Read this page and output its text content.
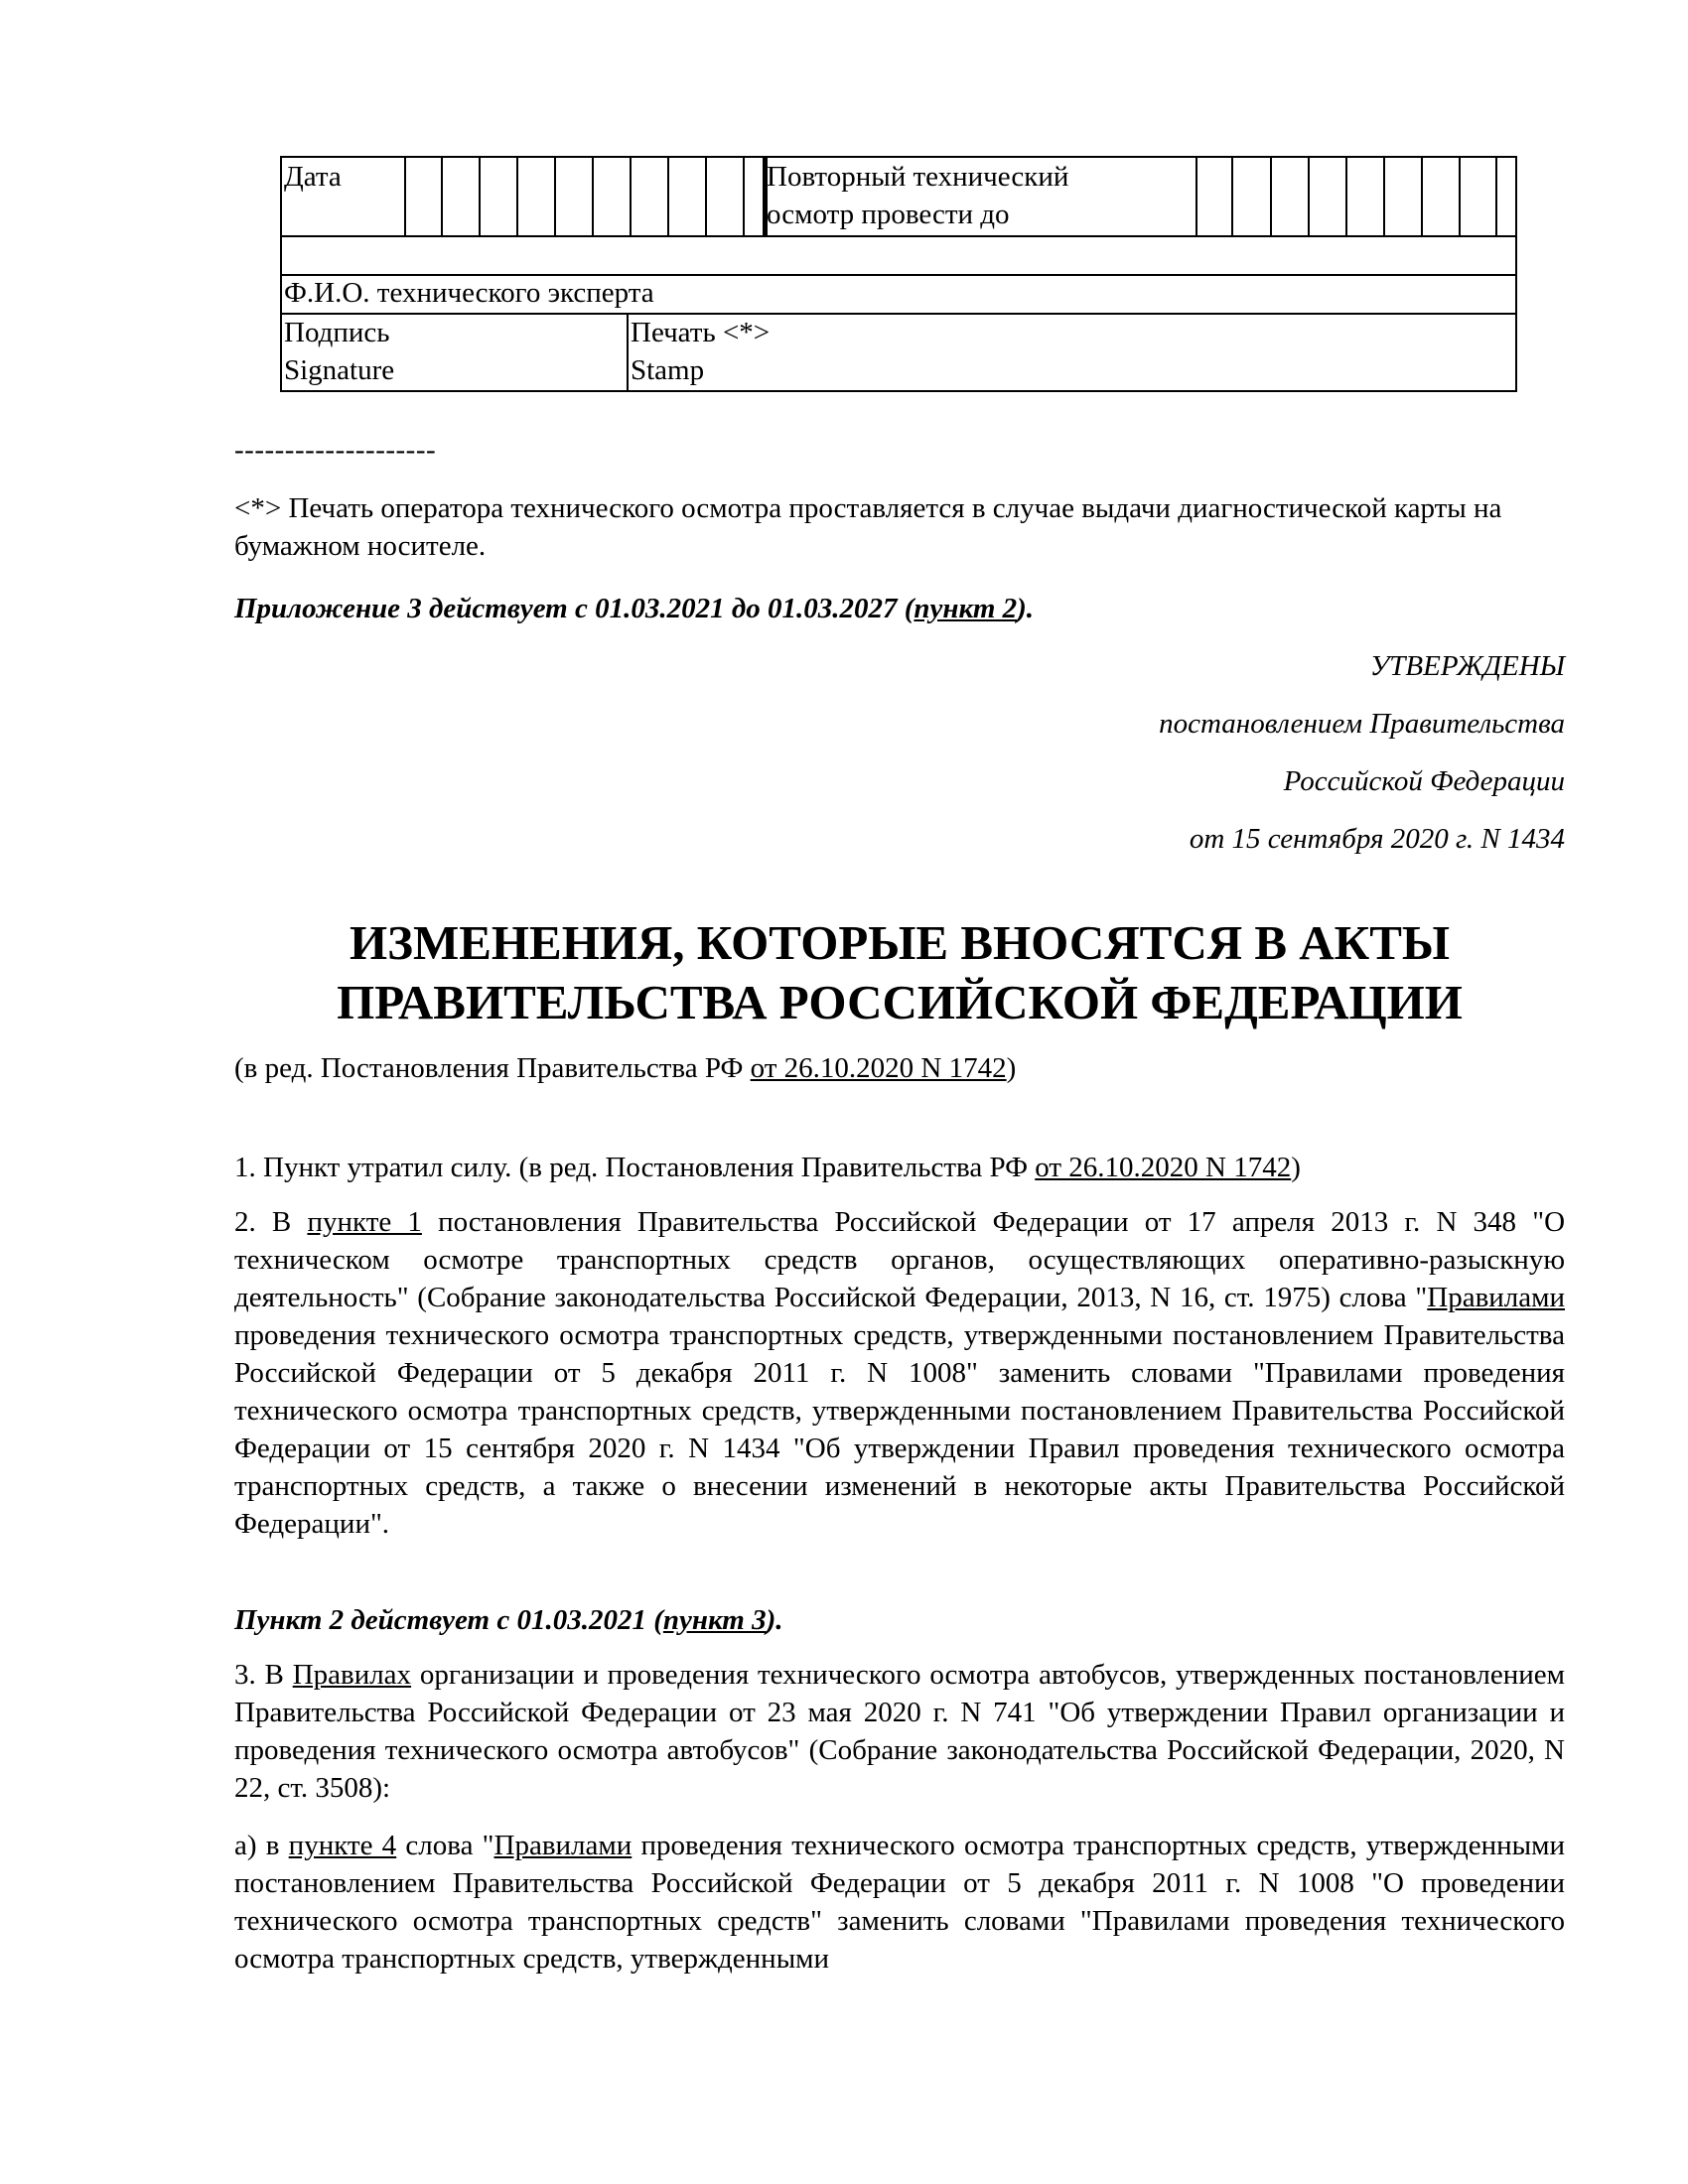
Дата	Повторный технический
осмотр провести до
Ф.И.О. технического эксперта
Подпись
Signature
Печать <*>
Stamp
--------------------

<*> Печать оператора технического осмотра проставляется в случае выдачи диагностической карты на бумажном носителе.

Приложение 3 действует с 01.03.2021 до 01.03.2027 (пункт 2).

УТВЕРЖДЕНЫ

постановлением Правительства

Российской Федерации

от 15 сентября 2020 г. N 1434

ИЗМЕНЕНИЯ, КОТОРЫЕ ВНОСЯТСЯ В АКТЫ
ПРАВИТЕЛЬСТВА РОССИЙСКОЙ ФЕДЕРАЦИИ

(в ред. Постановления Правительства РФ от 26.10.2020 N 1742)

1. Пункт утратил силу. (в ред. Постановления Правительства РФ от 26.10.2020 N 1742)

2. В пункте 1 постановления Правительства Российской Федерации от 17 апреля 2013 г. N 348 "О техническом осмотре транспортных средств органов, осуществляющих оперативно-разыскную деятельность" (Собрание законодательства Российской Федерации, 2013, N 16, ст. 1975) слова "Правилами проведения технического осмотра транспортных средств, утвержденными постановлением Правительства Российской Федерации от 5 декабря 2011 г. N 1008" заменить словами "Правилами проведения технического осмотра транспортных средств, утвержденными постановлением Правительства Российской Федерации от 15 сентября 2020 г. N 1434 "Об утверждении Правил проведения технического осмотра транспортных средств, а также о внесении изменений в некоторые акты Правительства Российской Федерации".

Пункт 2 действует с 01.03.2021 (пункт 3).

3. В Правилах организации и проведения технического осмотра автобусов, утвержденных постановлением Правительства Российской Федерации от 23 мая 2020 г. N 741 "Об утверждении Правил организации и проведения технического осмотра автобусов" (Собрание законодательства Российской Федерации, 2020, N 22, ст. 3508):

а) в пункте 4 слова "Правилами проведения технического осмотра транспортных средств, утвержденными постановлением Правительства Российской Федерации от 5 декабря 2011 г. N 1008 "О проведении технического осмотра транспортных средств" заменить словами "Правилами проведения технического осмотра транспортных средств, утвержденными
